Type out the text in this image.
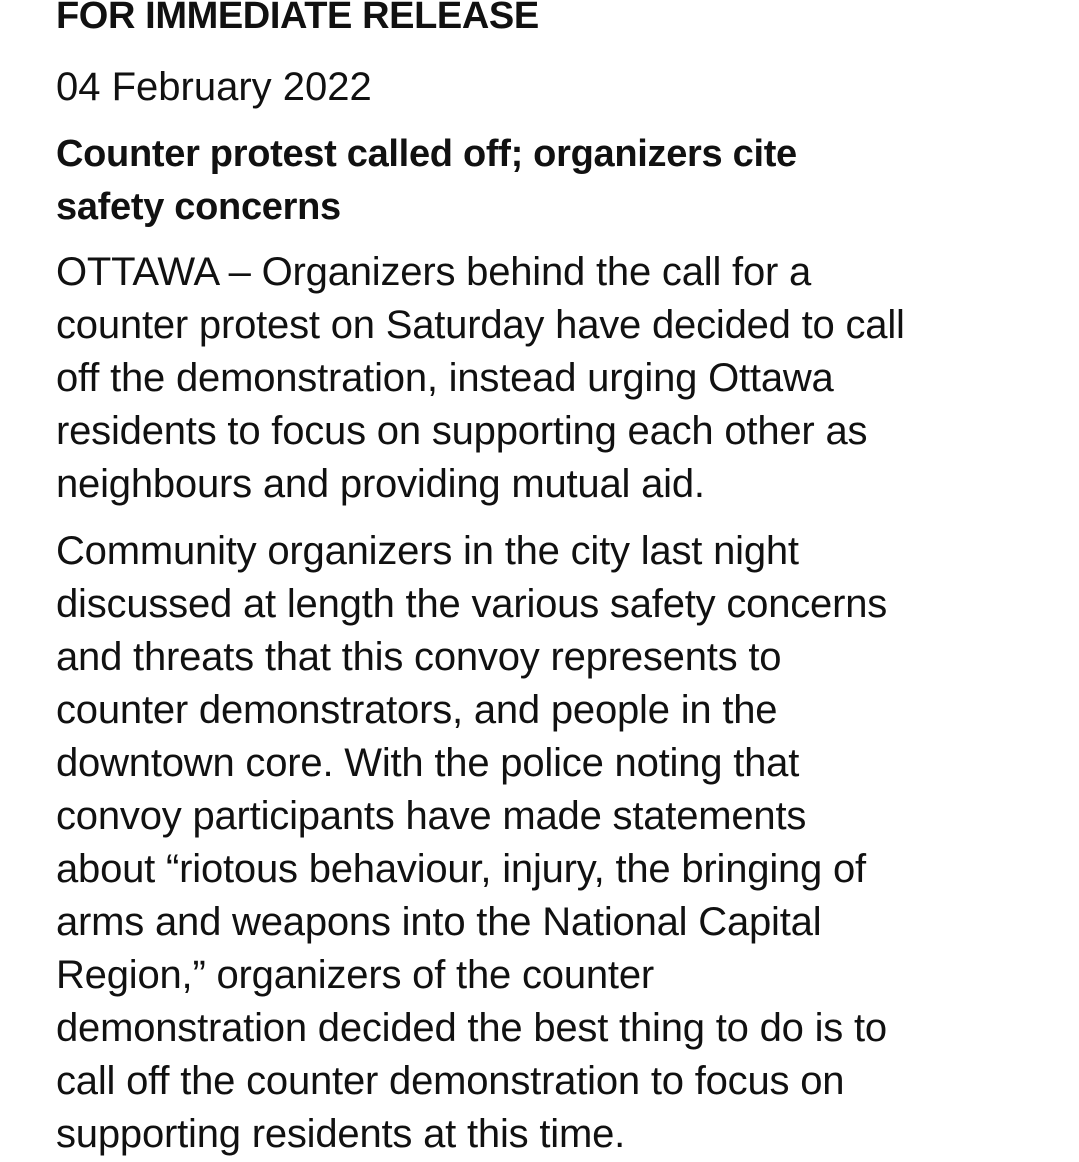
FOR IMMEDIATE RELEASE
04 February 2022
Counter protest called off; organizers cite
safety concerns

OTTAWA – Organizers behind the call for a
counter protest on Saturday have decided to call
off the demonstration, instead urging Ottawa
residents to focus on supporting each other as
neighbours and providing mutual aid.

Community organizers in the city last night
discussed at length the various safety concerns
and threats that this convoy represents to
counter demonstrators, and people in the
downtown core. With the police noting that
convoy participants have made statements
about “riotous behaviour, injury, the bringing of
arms and weapons into the National Capital
Region,” organizers of the counter
demonstration decided the best thing to do is to
call off the counter demonstration to focus on
supporting residents at this time.
